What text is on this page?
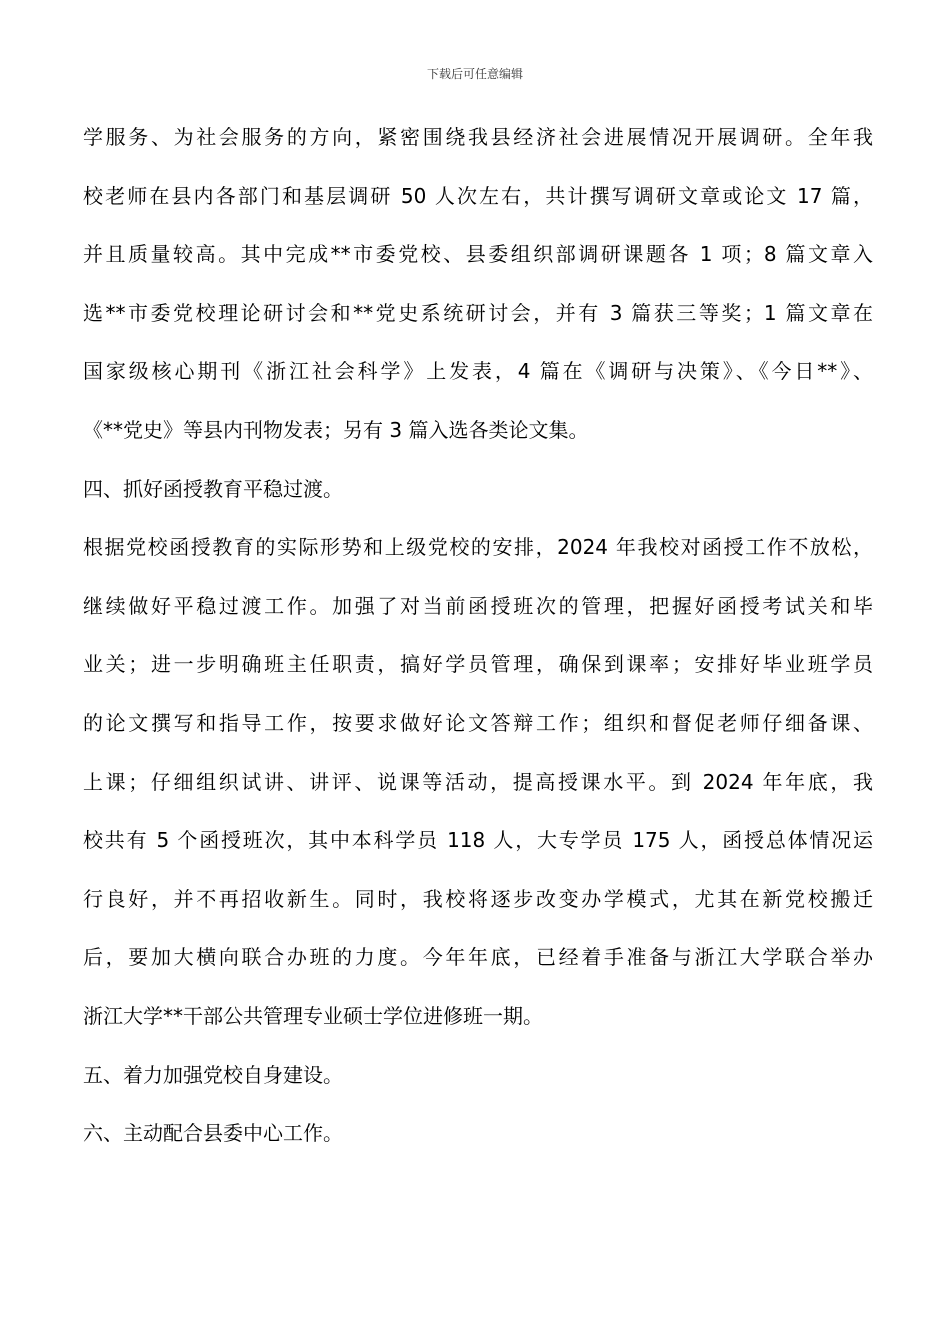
下载后可任意编辑
学服务、为社会服务的方向，紧密围绕我县经济社会进展情况开展调研。全年我
校老师在县内各部门和基层调研 50 人次左右，共计撰写调研文章或论文 17 篇，
并且质量较高。其中完成**市委党校、县委组织部调研课题各 1 项；8 篇文章入
选**市委党校理论研讨会和**党史系统研讨会，并有 3 篇获三等奖；1 篇文章在
国家级核心期刊《浙江社会科学》上发表，4 篇在《调研与决策》、《今日**》、
《**党史》等县内刊物发表；另有 3 篇入选各类论文集。
四、抓好函授教育平稳过渡。
根据党校函授教育的实际形势和上级党校的安排，2024 年我校对函授工作不放松，
继续做好平稳过渡工作。加强了对当前函授班次的管理，把握好函授考试关和毕
业关；进一步明确班主任职责，搞好学员管理，确保到课率；安排好毕业班学员
的论文撰写和指导工作，按要求做好论文答辩工作；组织和督促老师仔细备课、
上课；仔细组织试讲、讲评、说课等活动，提高授课水平。到 2024 年年底，我
校共有 5 个函授班次，其中本科学员 118 人，大专学员 175 人，函授总体情况运
行良好，并不再招收新生。同时，我校将逐步改变办学模式，尤其在新党校搬迁
后，要加大横向联合办班的力度。今年年底，已经着手准备与浙江大学联合举办
浙江大学**干部公共管理专业硕士学位进修班一期。
五、着力加强党校自身建设。
六、主动配合县委中心工作。
